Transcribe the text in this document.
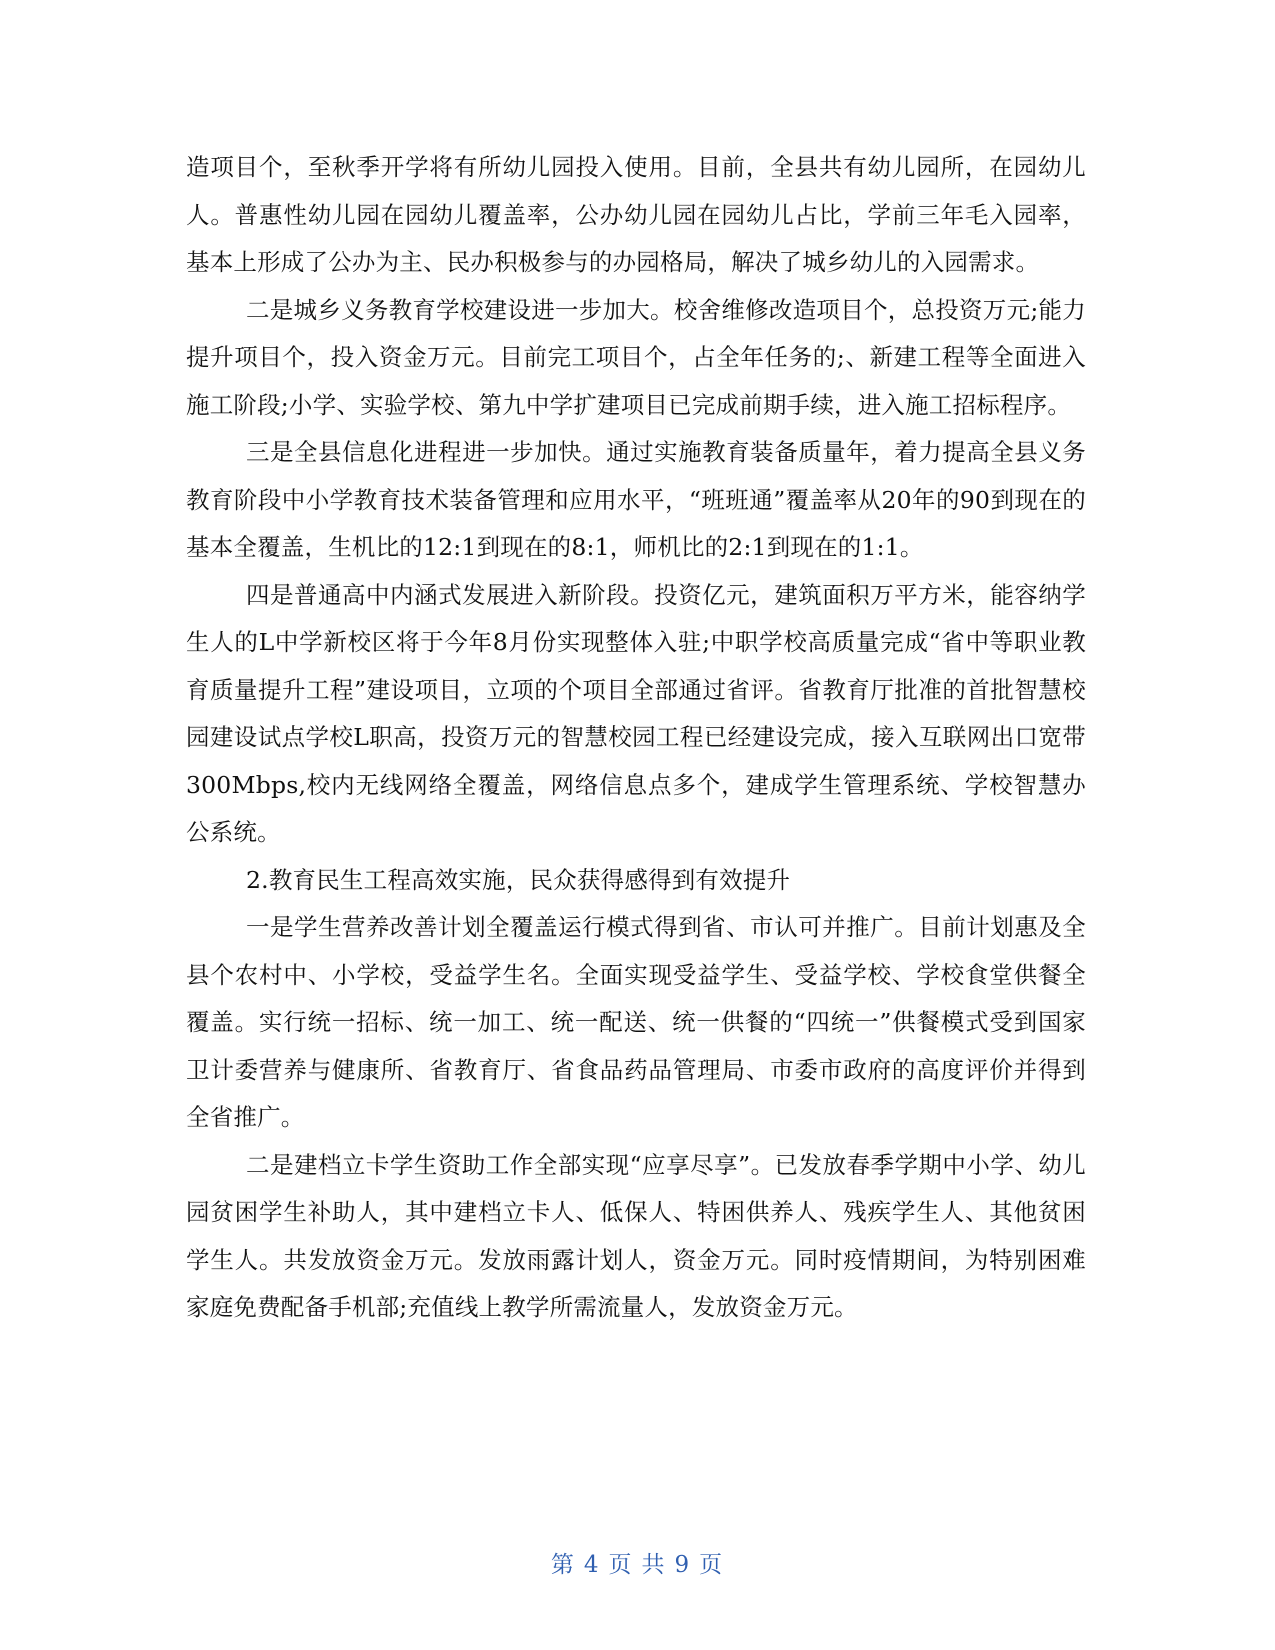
造项目个，至秋季开学将有所幼儿园投入使用。目前，全县共有幼儿园所，在园幼儿人。普惠性幼儿园在园幼儿覆盖率，公办幼儿园在园幼儿占比，学前三年毛入园率，基本上形成了公办为主、民办积极参与的办园格局，解决了城乡幼儿的入园需求。

二是城乡义务教育学校建设进一步加大。校舍维修改造项目个，总投资万元;能力提升项目个，投入资金万元。目前完工项目个，占全年任务的;、新建工程等全面进入施工阶段;小学、实验学校、第九中学扩建项目已完成前期手续，进入施工招标程序。

三是全县信息化进程进一步加快。通过实施教育装备质量年，着力提高全县义务教育阶段中小学教育技术装备管理和应用水平，“班班通”覆盖率从20年的90到现在的基本全覆盖，生机比的12:1到现在的8:1，师机比的2:1到现在的1:1。

四是普通高中内涵式发展进入新阶段。投资亿元，建筑面积万平方米，能容纳学生人的L中学新校区将于今年8月份实现整体入驻;中职学校高质量完成“省中等职业教育质量提升工程”建设项目，立项的个项目全部通过省评。省教育厅批准的首批智慧校园建设试点学校L职高，投资万元的智慧校园工程已经建设完成，接入互联网出口宽带300Mbps,校内无线网络全覆盖，网络信息点多个，建成学生管理系统、学校智慧办公系统。

2.教育民生工程高效实施，民众获得感得到有效提升

一是学生营养改善计划全覆盖运行模式得到省、市认可并推广。目前计划惠及全县个农村中、小学校，受益学生名。全面实现受益学生、受益学校、学校食堂供餐全覆盖。实行统一招标、统一加工、统一配送、统一供餐的“四统一”供餐模式受到国家卫计委营养与健康所、省教育厅、省食品药品管理局、市委市政府的高度评价并得到全省推广。

二是建档立卡学生资助工作全部实现“应享尽享”。已发放春季学期中小学、幼儿园贫困学生补助人，其中建档立卡人、低保人、特困供养人、残疾学生人、其他贫困学生人。共发放资金万元。发放雨露计划人，资金万元。同时疫情期间，为特别困难家庭免费配备手机部;充值线上教学所需流量人，发放资金万元。

第 4 页 共 9 页
